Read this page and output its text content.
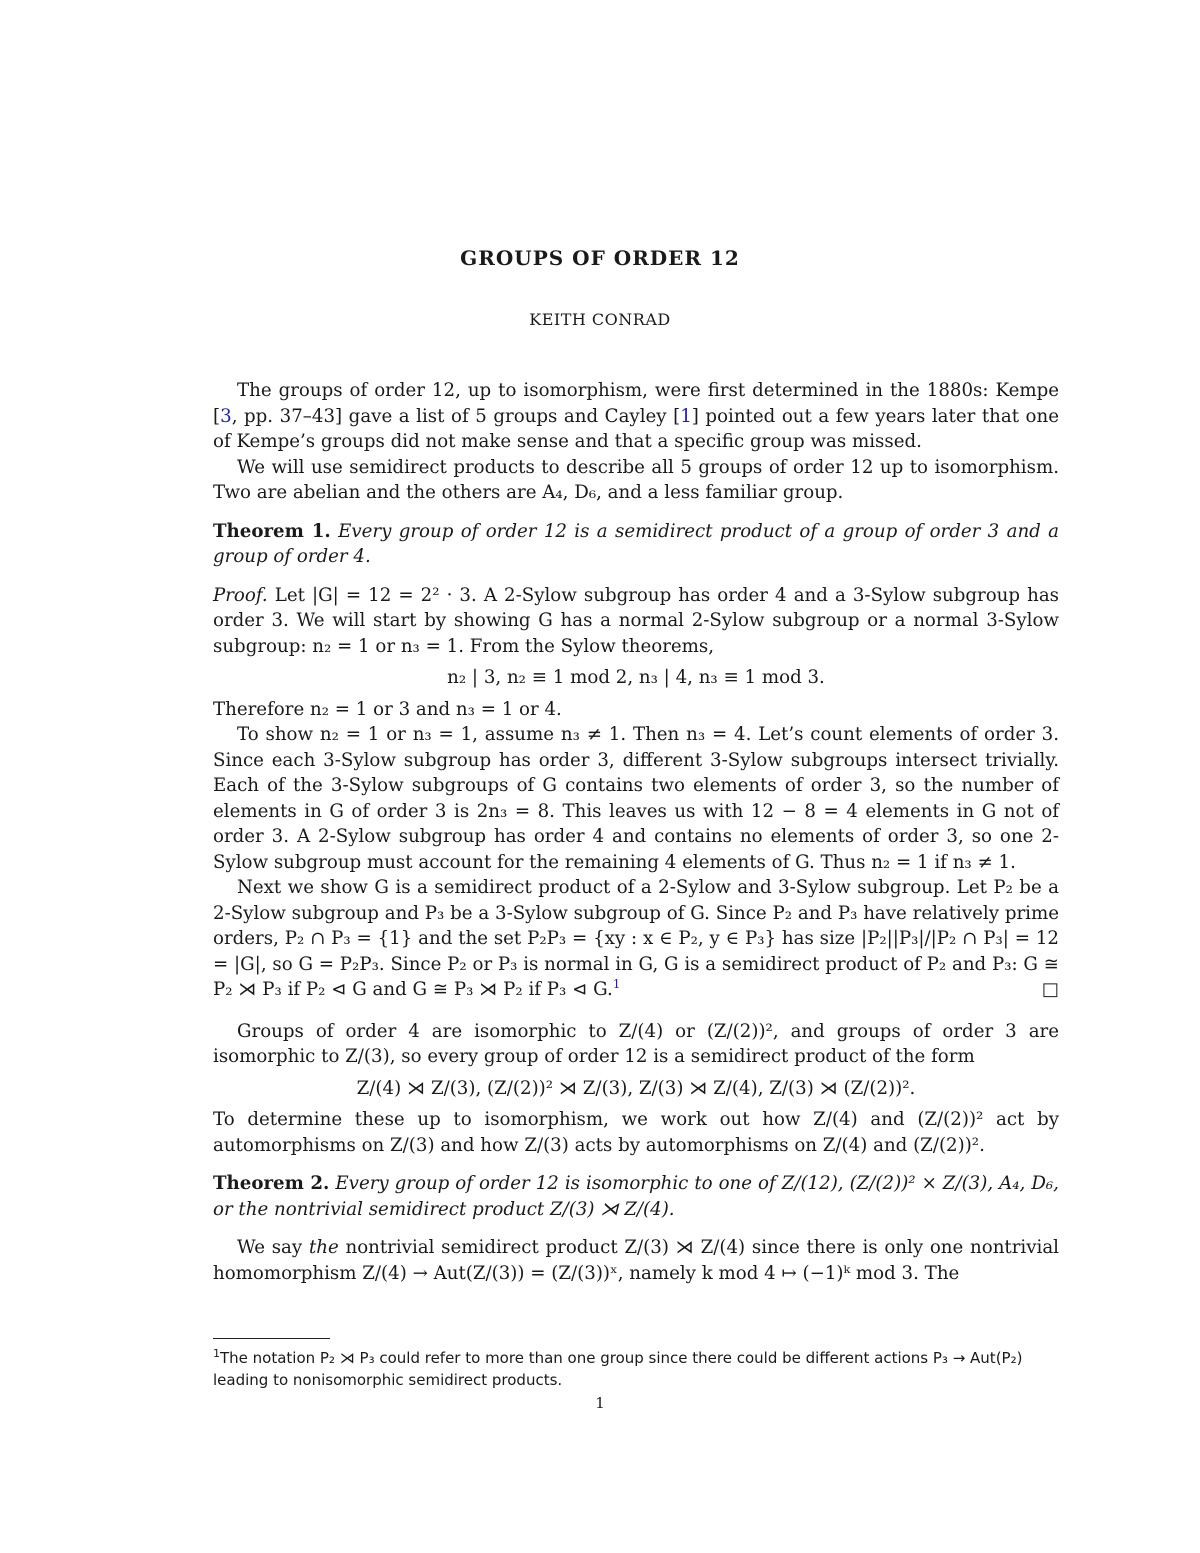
GROUPS OF ORDER 12
KEITH CONRAD

The groups of order 12, up to isomorphism, were first determined in the 1880s: Kempe [3, pp. 37–43] gave a list of 5 groups and Cayley [1] pointed out a few years later that one of Kempe’s groups did not make sense and that a specific group was missed.

We will use semidirect products to describe all 5 groups of order 12 up to isomorphism. Two are abelian and the others are A₄, D₆, and a less familiar group.

Theorem 1. Every group of order 12 is a semidirect product of a group of order 3 and a group of order 4.

Proof. Let |G| = 12 = 2² · 3. A 2-Sylow subgroup has order 4 and a 3-Sylow subgroup has order 3. We will start by showing G has a normal 2-Sylow subgroup or a normal 3-Sylow subgroup: n₂ = 1 or n₃ = 1. From the Sylow theorems,

n₂ | 3, n₂ ≡ 1 mod 2, n₃ | 4, n₃ ≡ 1 mod 3.

Therefore n₂ = 1 or 3 and n₃ = 1 or 4.

To show n₂ = 1 or n₃ = 1, assume n₃ ≠ 1. Then n₃ = 4. Let’s count elements of order 3. Since each 3-Sylow subgroup has order 3, different 3-Sylow subgroups intersect trivially. Each of the 3-Sylow subgroups of G contains two elements of order 3, so the number of elements in G of order 3 is 2n₃ = 8. This leaves us with 12 − 8 = 4 elements in G not of order 3. A 2-Sylow subgroup has order 4 and contains no elements of order 3, so one 2-Sylow subgroup must account for the remaining 4 elements of G. Thus n₂ = 1 if n₃ ≠ 1.

Next we show G is a semidirect product of a 2-Sylow and 3-Sylow subgroup. Let P₂ be a 2-Sylow subgroup and P₃ be a 3-Sylow subgroup of G. Since P₂ and P₃ have relatively prime orders, P₂ ∩ P₃ = {1} and the set P₂P₃ = {xy : x ∈ P₂, y ∈ P₃} has size |P₂||P₃|/|P₂ ∩ P₃| = 12 = |G|, so G = P₂P₃. Since P₂ or P₃ is normal in G, G is a semidirect product of P₂ and P₃: G ≅ P₂ ⋊ P₃ if P₂ ⊲ G and G ≅ P₃ ⋊ P₂ if P₃ ⊲ G.$^1$	□

Groups of order 4 are isomorphic to Z/(4) or (Z/(2))², and groups of order 3 are isomorphic to Z/(3), so every group of order 12 is a semidirect product of the form

Z/(4) ⋊ Z/(3), (Z/(2))² ⋊ Z/(3), Z/(3) ⋊ Z/(4), Z/(3) ⋊ (Z/(2))².

To determine these up to isomorphism, we work out how Z/(4) and (Z/(2))² act by automorphisms on Z/(3) and how Z/(3) acts by automorphisms on Z/(4) and (Z/(2))².

Theorem 2. Every group of order 12 is isomorphic to one of Z/(12), (Z/(2))² × Z/(3), A₄, D₆, or the nontrivial semidirect product Z/(3) ⋊ Z/(4).

We say the nontrivial semidirect product Z/(3) ⋊ Z/(4) since there is only one nontrivial homomorphism Z/(4) → Aut(Z/(3)) = (Z/(3))ˣ, namely k mod 4 ↦ (−1)ᵏ mod 3. The

$^1$The notation P₂ ⋊ P₃ could refer to more than one group since there could be different actions P₃ → Aut(P₂) leading to nonisomorphic semidirect products.
1
